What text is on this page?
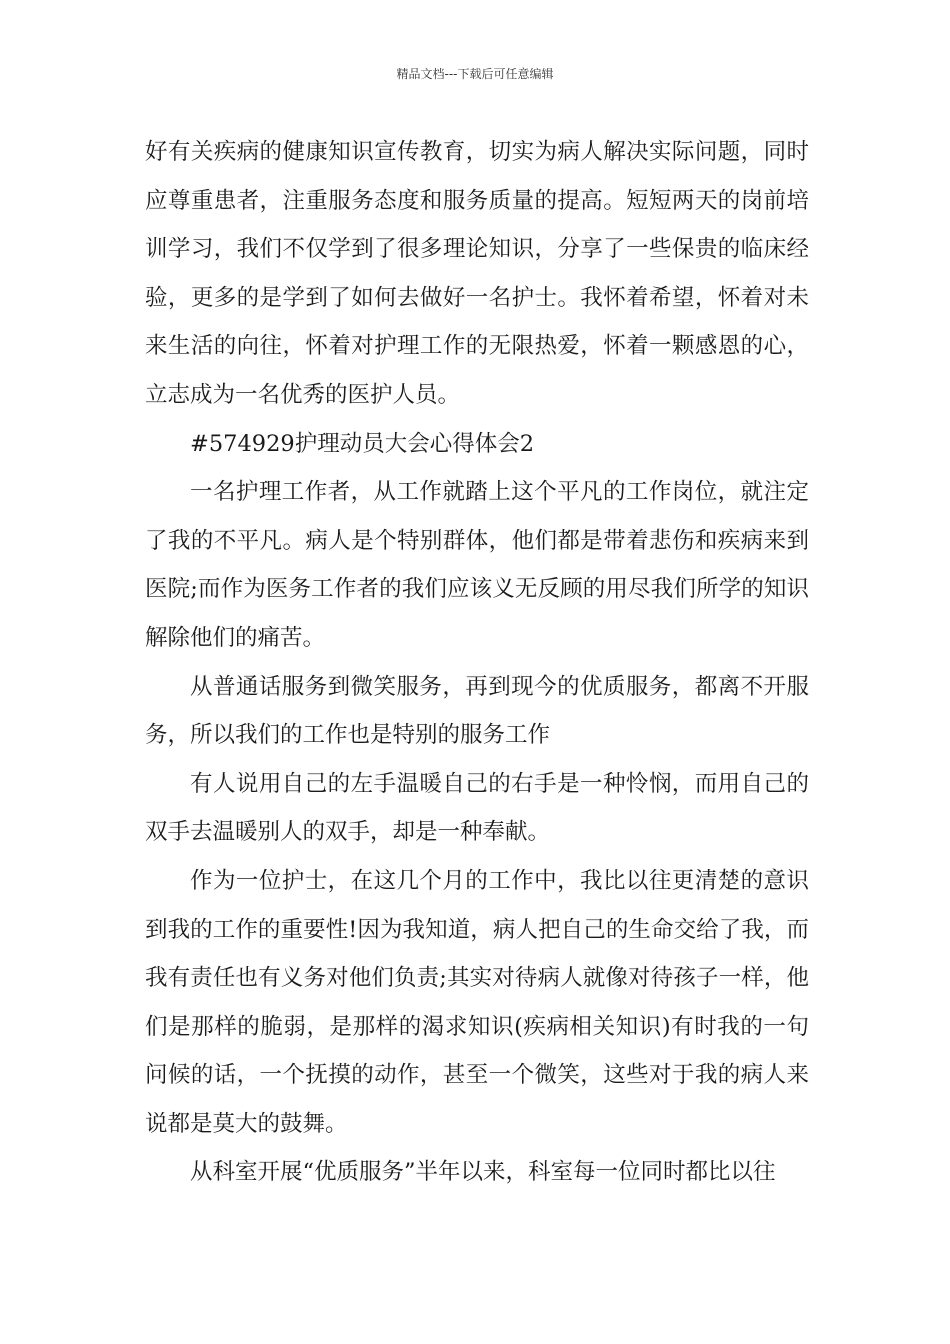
精品文档---下载后可任意编辑

好有关疾病的健康知识宣传教育，切实为病人解决实际问题，同时应尊重患者，注重服务态度和服务质量的提高。短短两天的岗前培训学习，我们不仅学到了很多理论知识，分享了一些保贵的临床经验，更多的是学到了如何去做好一名护士。我怀着希望，怀着对未来生活的向往，怀着对护理工作的无限热爱，怀着一颗感恩的心，立志成为一名优秀的医护人员。

#574929护理动员大会心得体会2

一名护理工作者，从工作就踏上这个平凡的工作岗位，就注定了我的不平凡。病人是个特别群体，他们都是带着悲伤和疾病来到医院;而作为医务工作者的我们应该义无反顾的用尽我们所学的知识解除他们的痛苦。

从普通话服务到微笑服务，再到现今的优质服务，都离不开服务，所以我们的工作也是特别的服务工作

有人说用自己的左手温暖自己的右手是一种怜悯，而用自己的双手去温暖别人的双手，却是一种奉献。

作为一位护士，在这几个月的工作中，我比以往更清楚的意识到我的工作的重要性!因为我知道，病人把自己的生命交给了我，而我有责任也有义务对他们负责;其实对待病人就像对待孩子一样，他们是那样的脆弱，是那样的渴求知识(疾病相关知识)有时我的一句问候的话，一个抚摸的动作，甚至一个微笑，这些对于我的病人来说都是莫大的鼓舞。

从科室开展“优质服务”半年以来，科室每一位同时都比以往
